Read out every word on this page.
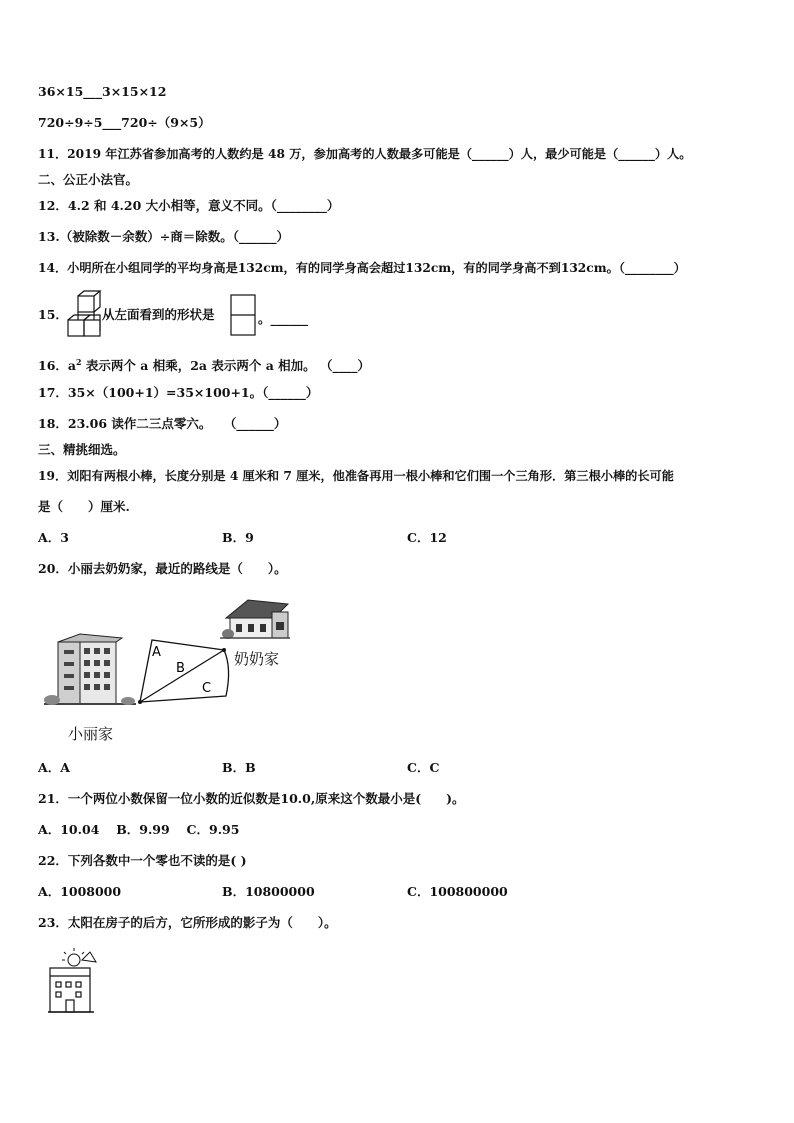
36×15___3×15×12
720÷9÷5___720÷（9×5）
11．2019 年江苏省参加高考的人数约是 48 万，参加高考的人数最多可能是（______）人，最少可能是（______）人。
二、公正小法官。
12．4.2 和 4.20 大小相等，意义不同。（________）
13.（被除数－余数）÷商＝除数。（______）
14．小明所在小组同学的平均身高是132cm，有的同学身高会超过132cm，有的同学身高不到132cm。（________）
15．	从左面看到的形状是	。______
16．$a^2$ 表示两个 a 相乘，2a 表示两个 a 相加。 （____）
17．35×（100+1）=35×100+1。（______）
18．23.06 读作二三点零六。　　（______）
三、精挑细选。
19．刘阳有两根小棒，长度分别是 4 厘米和 7 厘米，他准备再用一根小棒和它们围一个三角形．第三根小棒的长可能
是（　　）厘米.
A．3	B．9	C．12
20．小丽去奶奶家，最近的路线是（　　）。
A
B
C
奶奶家
小丽家
A．A	B．B	C．C
21．一个两位小数保留一位小数的近似数是10.0,原来这个数最小是(　　)。
A．10.04　 B．9.99　 C．9.95
22．下列各数中一个零也不读的是( )
A．1008000	B．10800000	C．100800000
23．太阳在房子的后方，它所形成的影子为（　　）。
